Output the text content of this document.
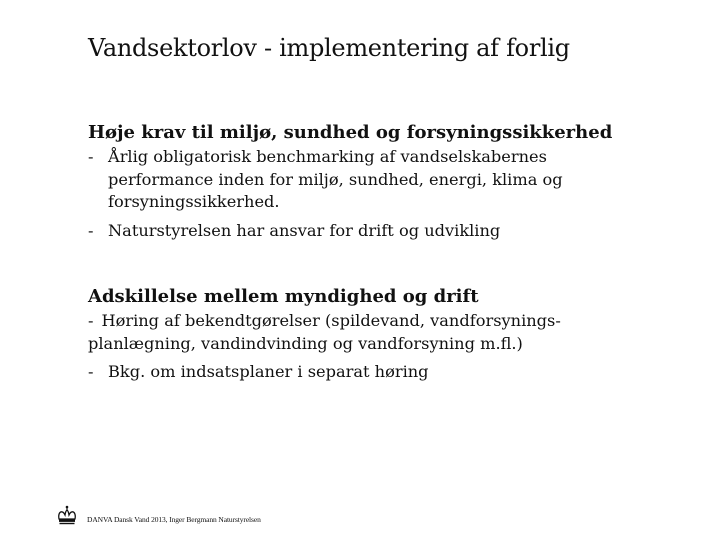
Vandsektorlov - implementering af forlig
Høje krav til miljø, sundhed og forsyningssikkerhed
- Årlig obligatorisk benchmarking af vandselskabernes performance inden for miljø, sundhed, energi, klima og forsyningssikkerhed.
- Naturstyrelsen har ansvar for drift og udvikling
Adskillelse mellem myndighed og drift
- Høring af bekendtgørelser (spildevand, vandforsynings-planlægning, vandindvinding og vandforsyning m.fl.)
- Bkg. om indsatsplaner i separat høring
DANVA Dansk Vand 2013, Inger Bergmann Naturstyrelsen
